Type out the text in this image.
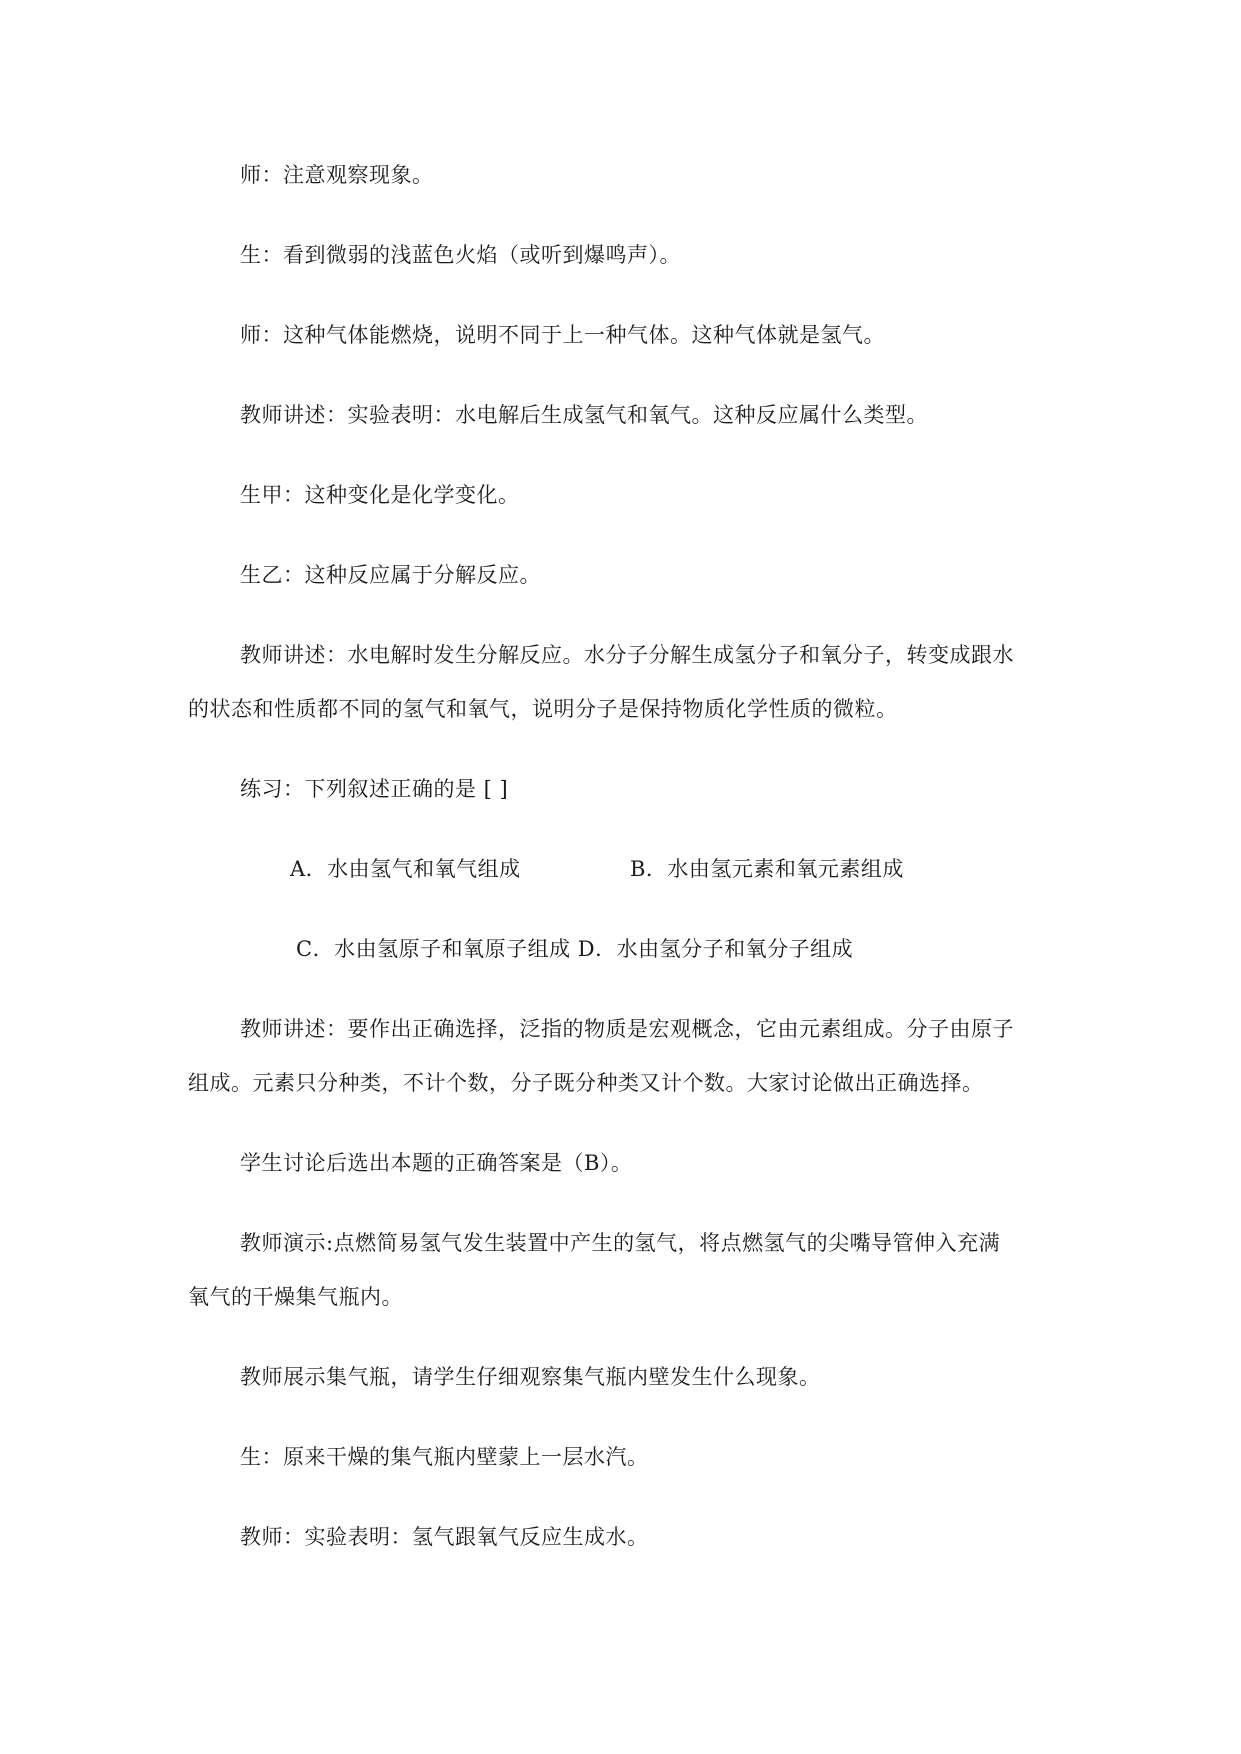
师：注意观察现象。
生：看到微弱的浅蓝色火焰（或听到爆鸣声）。
师：这种气体能燃烧，说明不同于上一种气体。这种气体就是氢气。
教师讲述：实验表明：水电解后生成氢气和氧气。这种反应属什么类型。
生甲：这种变化是化学变化。
生乙：这种反应属于分解反应。
教师讲述：水电解时发生分解反应。水分子分解生成氢分子和氧分子，转变成跟水
的状态和性质都不同的氢气和氧气，说明分子是保持物质化学性质的微粒。
练习：下列叙述正确的是 [ ]
A．水由氢气和氧气组成	B．水由氢元素和氧元素组成
C．水由氢原子和氧原子组成 D．水由氢分子和氧分子组成
教师讲述：要作出正确选择，泛指的物质是宏观概念，它由元素组成。分子由原子
组成。元素只分种类，不计个数，分子既分种类又计个数。大家讨论做出正确选择。
学生讨论后选出本题的正确答案是（B）。
教师演示:点燃简易氢气发生装置中产生的氢气，将点燃氢气的尖嘴导管伸入充满
氧气的干燥集气瓶内。
教师展示集气瓶，请学生仔细观察集气瓶内壁发生什么现象。
生：原来干燥的集气瓶内壁蒙上一层水汽。
教师：实验表明：氢气跟氧气反应生成水。
